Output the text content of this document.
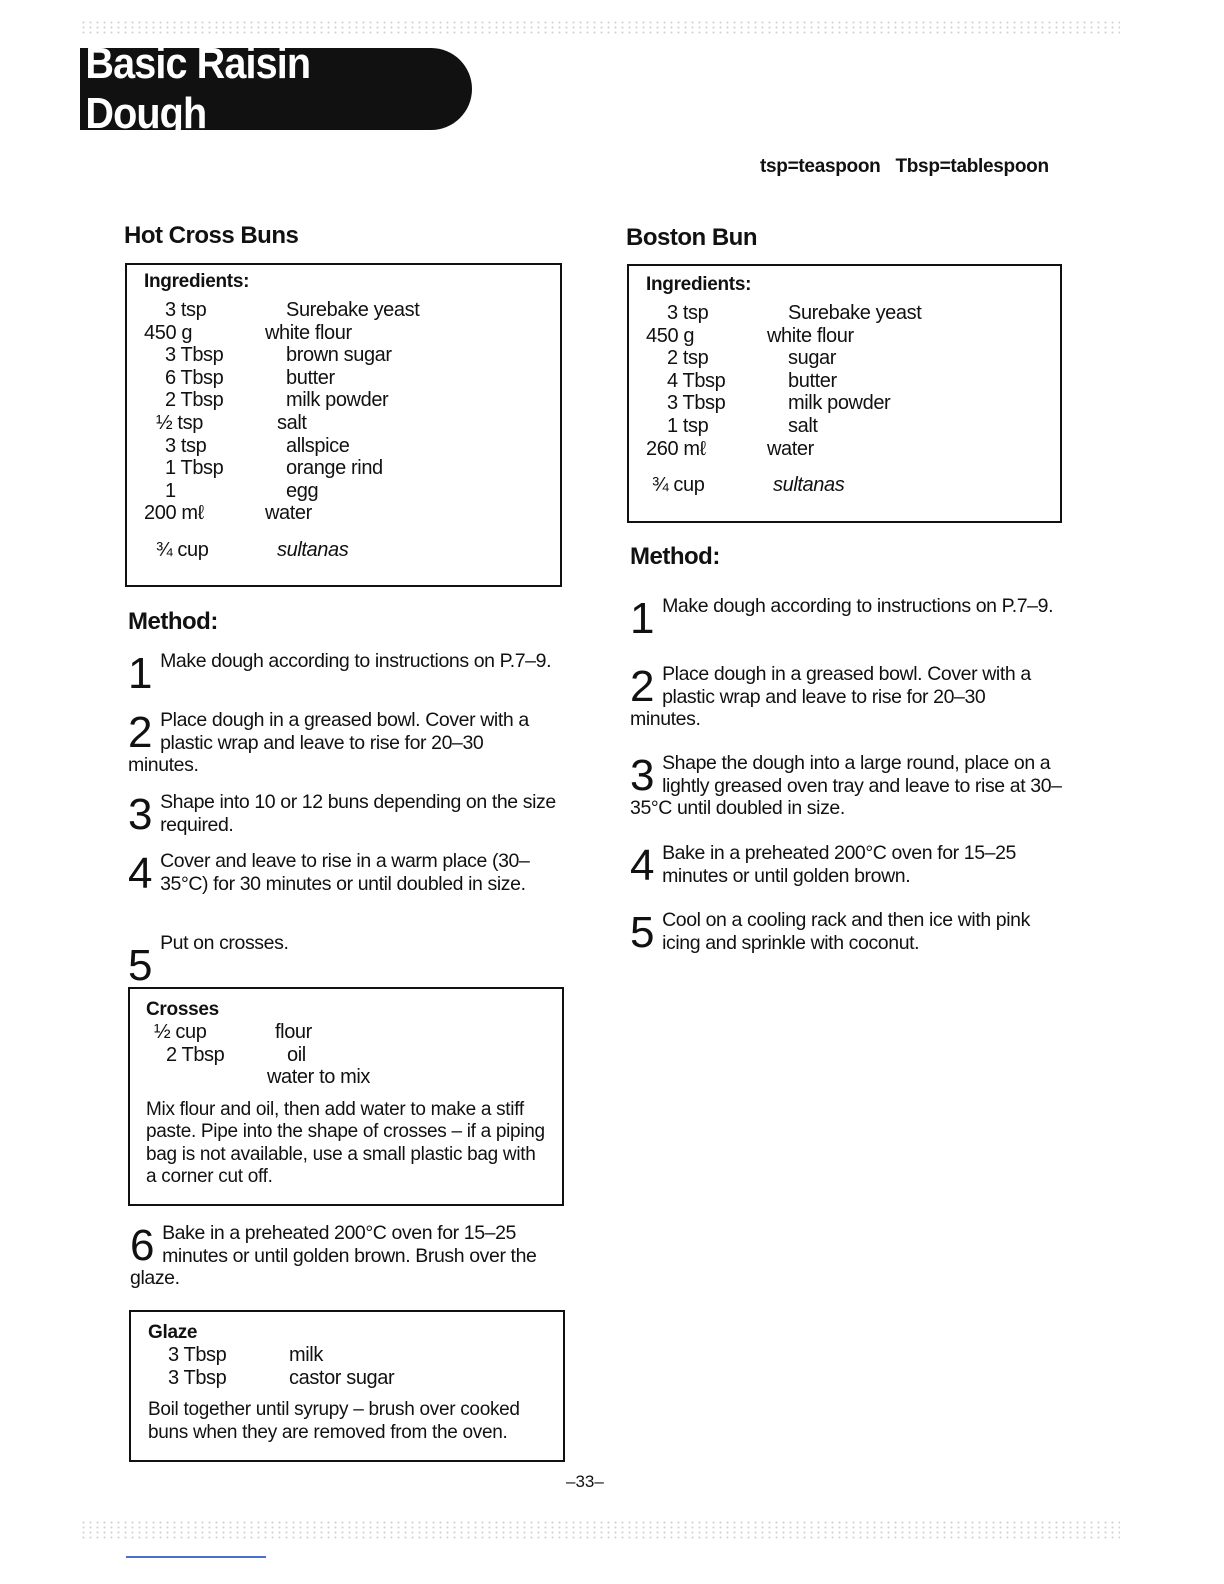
Basic Raisin Dough
tsp=teaspoon Tbsp=tablespoon
Hot Cross Buns
Ingredients:
3 tsp	Surebake yeast
450 g	white flour
3 Tbsp	brown sugar
6 Tbsp	butter
2 Tbsp	milk powder
½ tsp	salt
3 tsp	allspice
1 Tbsp	orange rind
1	egg
200 mℓ	water
¾ cup	sultanas
Method:
1 Make dough according to instructions on P.7–9.
2 Place dough in a greased bowl. Cover with a plastic wrap and leave to rise for 20–30 minutes.
3 Shape into 10 or 12 buns depending on the size required.
4 Cover and leave to rise in a warm place (30–35°C) for 30 minutes or until doubled in size.
5 Put on crosses.
Crosses
½ cup	flour
2 Tbsp	oil
water to mix
Mix flour and oil, then add water to make a stiff paste. Pipe into the shape of crosses – if a piping bag is not available, use a small plastic bag with a corner cut off.
6 Bake in a preheated 200°C oven for 15–25 minutes or until golden brown. Brush over the glaze.
Glaze
3 Tbsp	milk
3 Tbsp	castor sugar
Boil together until syrupy – brush over cooked buns when they are removed from the oven.
Boston Bun
Ingredients:
3 tsp	Surebake yeast
450 g	white flour
2 tsp	sugar
4 Tbsp	butter
3 Tbsp	milk powder
1 tsp	salt
260 mℓ	water
¾ cup	sultanas
Method:
1 Make dough according to instructions on P.7–9.
2 Place dough in a greased bowl. Cover with a plastic wrap and leave to rise for 20–30 minutes.
3 Shape the dough into a large round, place on a lightly greased oven tray and leave to rise at 30–35°C until doubled in size.
4 Bake in a preheated 200°C oven for 15–25 minutes or until golden brown.
5 Cool on a cooling rack and then ice with pink icing and sprinkle with coconut.
–33–
